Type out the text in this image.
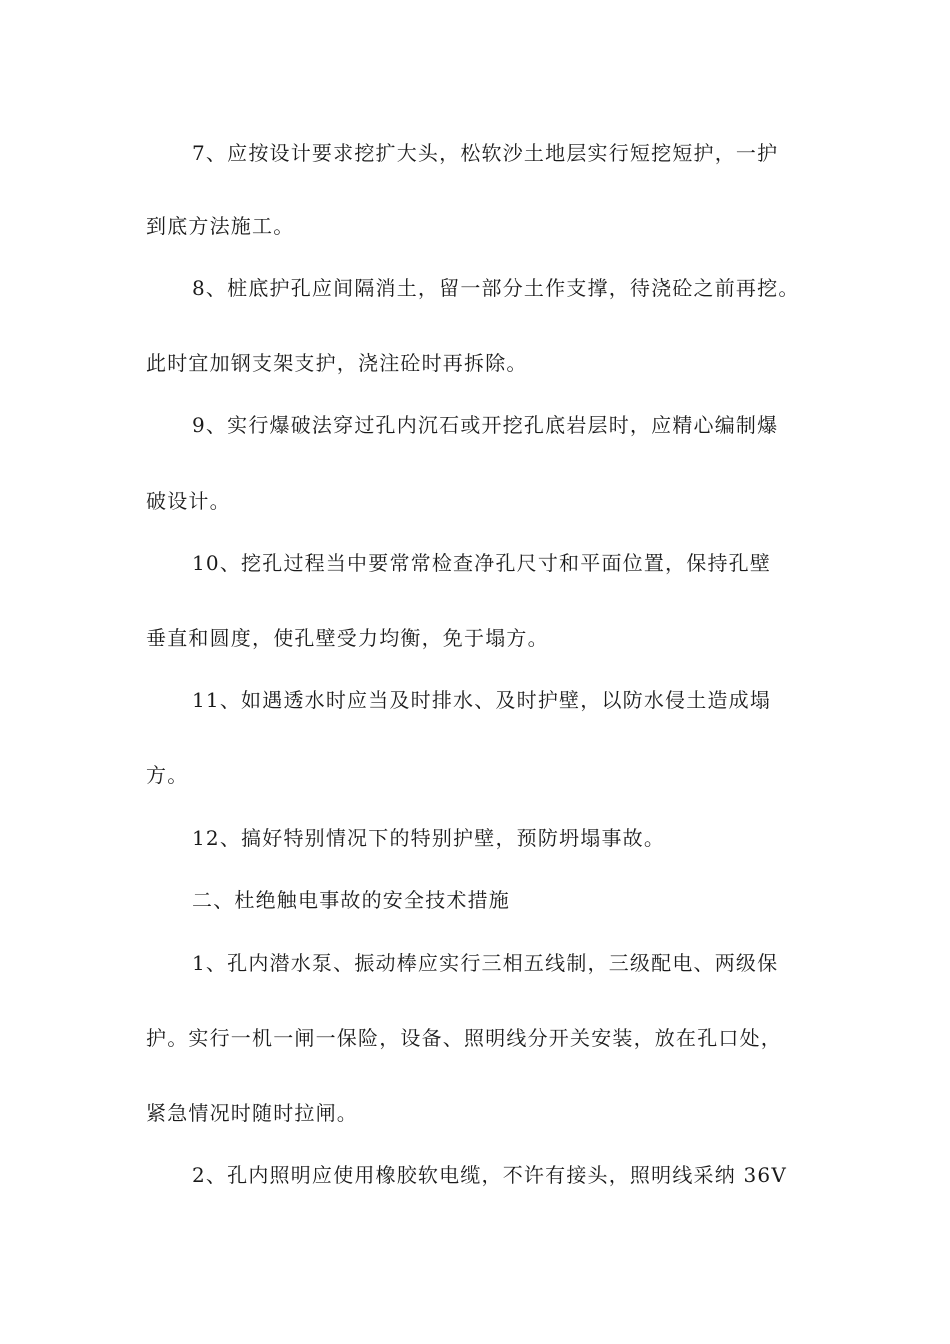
7、应按设计要求挖扩大头，松软沙土地层实行短挖短护，一护
到底方法施工。
8、桩底护孔应间隔消土，留一部分土作支撑，待浇砼之前再挖。
此时宜加钢支架支护，浇注砼时再拆除。
9、实行爆破法穿过孔内沉石或开挖孔底岩层时，应精心编制爆
破设计。
10、挖孔过程当中要常常检查净孔尺寸和平面位置，保持孔壁
垂直和圆度，使孔壁受力均衡，免于塌方。
11、如遇透水时应当及时排水、及时护壁，以防水侵土造成塌
方。
12、搞好特别情况下的特别护壁，预防坍塌事故。
二、杜绝触电事故的安全技术措施
1、孔内潜水泵、振动棒应实行三相五线制，三级配电、两级保
护。实行一机一闸一保险，设备、照明线分开关安装，放在孔口处，
紧急情况时随时拉闸。
2、孔内照明应使用橡胶软电缆，不许有接头，照明线采纳 36V
